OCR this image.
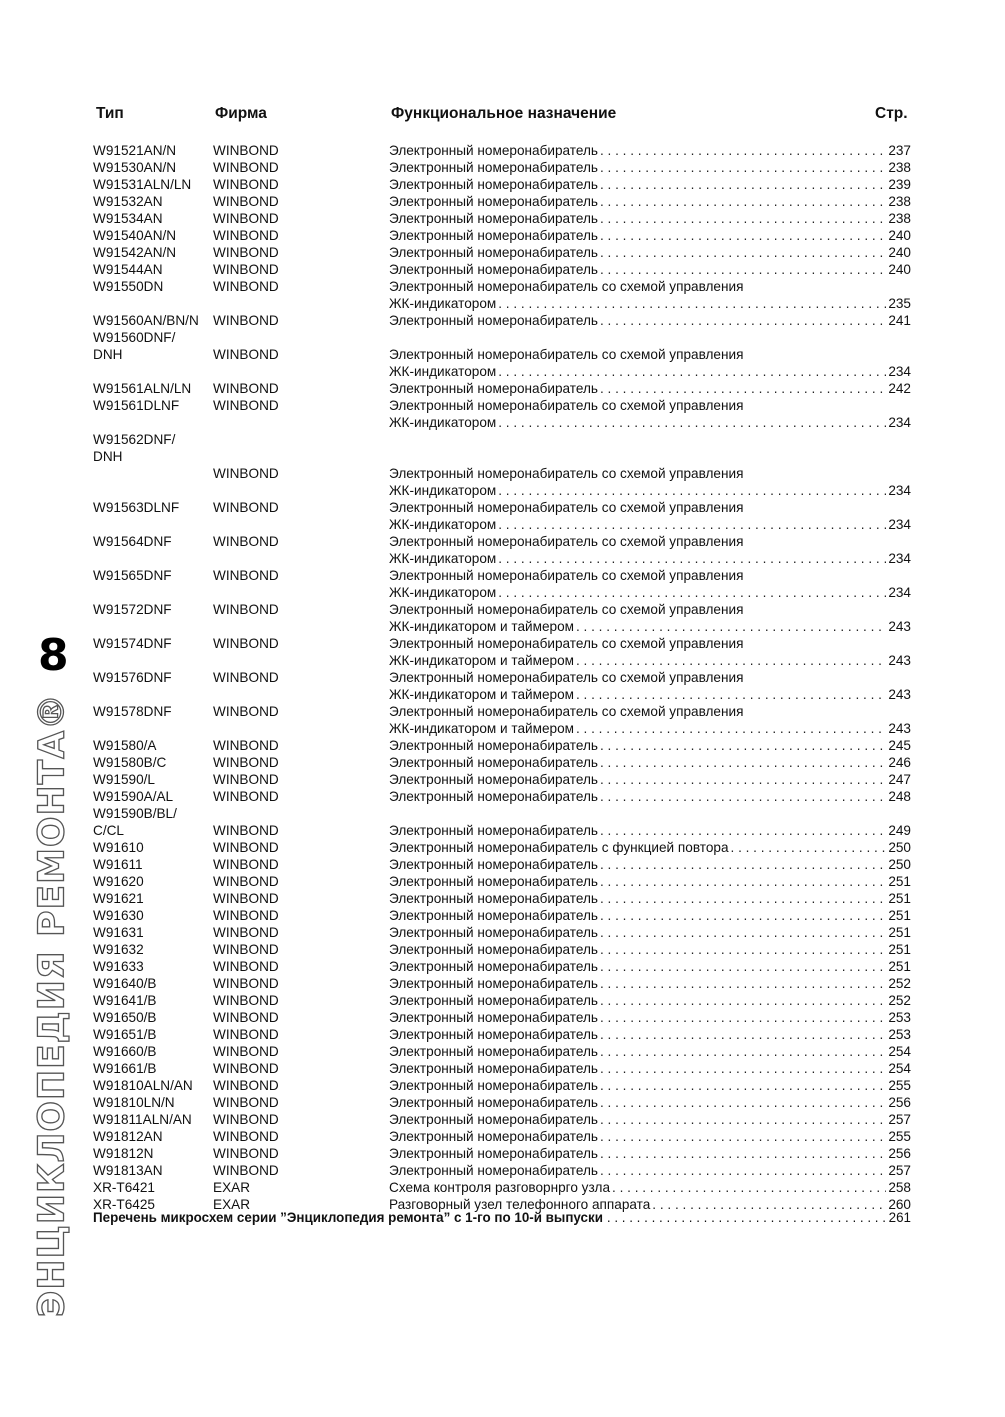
Тип	Фирма	Функциональное назначение	Стр.
W91521AN/N	WINBOND	Электронный номеронабиратель . . .	237
W91530AN/N	WINBOND	Электронный номеронабиратель . . .	238
W91531ALN/LN WINBOND	Электронный номеронабиратель . . .	239
W91532AN	WINBOND	Электронный номеронабиратель . . .	238
W91534AN	WINBOND	Электронный номеронабиратель . . .	238
W91540AN/N	WINBOND	Электронный номеронабиратель . . .	240
W91542AN/N	WINBOND	Электронный номеронабиратель . . .	240
W91544AN	WINBOND	Электронный номеронабиратель . . .	240
W91550DN	WINBOND	Электронный номеронабиратель со схемой управления
ЖК-индикатором . . .	235
W91560AN/BN/N WINBOND	Электронный номеронабиратель . . .	241
W91560DNF/
DNH	WINBOND	Электронный номеронабиратель со схемой управления
ЖК-индикатором . . .	234
W91561ALN/LN WINBOND	Электронный номеронабиратель . . .	242
W91561DLNF WINBOND	Электронный номеронабиратель со схемой управления
ЖК-индикатором . . .	234
W91562DNF/
DNH
WINBOND	Электронный номеронабиратель со схемой управления
ЖК-индикатором . . .	234
W91563DLNF WINBOND	Электронный номеронабиратель со схемой управления
ЖК-индикатором . . .	234
W91564DNF	WINBOND	Электронный номеронабиратель со схемой управления
ЖК-индикатором . . .	234
W91565DNF	WINBOND	Электронный номеронабиратель со схемой управления
ЖК-индикатором . . .	234
W91572DNF	WINBOND	Электронный номеронабиратель со схемой управления
ЖК-индикатором и таймером . . .	243
W91574DNF	WINBOND	Электронный номеронабиратель со схемой управления
ЖК-индикатором и таймером . . .	243
W91576DNF	WINBOND	Электронный номеронабиратель со схемой управления
ЖК-индикатором и таймером . . .	243
W91578DNF	WINBOND	Электронный номеронабиратель со схемой управления
ЖК-индикатором и таймером . . .	243
W91580/A	WINBOND	Электронный номеронабиратель . . .	245
W91580B/C	WINBOND	Электронный номеронабиратель . . .	246
W91590/L	WINBOND	Электронный номеронабиратель . . .	247
W91590A/AL	WINBOND	Электронный номеронабиратель . . .	248
W91590B/BL/
C/CL	WINBOND	Электронный номеронабиратель . . .	249
W91610	WINBOND	Электронный номеронабиратель с функцией повтора . . .	250
W91611	WINBOND	Электронный номеронабиратель . . .	250
W91620	WINBOND	Электронный номеронабиратель . . .	251
W91621	WINBOND	Электронный номеронабиратель . . .	251
W91630	WINBOND	Электронный номеронабиратель . . .	251
W91631	WINBOND	Электронный номеронабиратель . . .	251
W91632	WINBOND	Электронный номеронабиратель . . .	251
W91633	WINBOND	Электронный номеронабиратель . . .	251
W91640/B	WINBOND	Электронный номеронабиратель . . .	252
W91641/B	WINBOND	Электронный номеронабиратель . . .	252
W91650/B	WINBOND	Электронный номеронабиратель . . .	253
W91651/B	WINBOND	Электронный номеронабиратель . . .	253
W91660/B	WINBOND	Электронный номеронабиратель . . .	254
W91661/B	WINBOND	Электронный номеронабиратель . . .	254
W91810ALN/AN WINBOND	Электронный номеронабиратель . . .	255
W91810LN/N	WINBOND	Электронный номеронабиратель . . .	256
W91811ALN/AN WINBOND	Электронный номеронабиратель . . .	257
W91812AN	WINBOND	Электронный номеронабиратель . . .	255
W91812N	WINBOND	Электронный номеронабиратель . . .	256
W91813AN	WINBOND	Электронный номеронабиратель . . .	257
XR-T6421	EXAR	Схема контроля разговорнрго узла . . .	258
XR-T6425	EXAR	Разговорный узел телефонного аппарата . . .	260
Перечень микросхем серии ”Энциклопедия ремонта” с 1-го по 10-й выпуски . . .	261
8
ЭНЦИКЛОПЕДИЯ РЕМОНТА®
